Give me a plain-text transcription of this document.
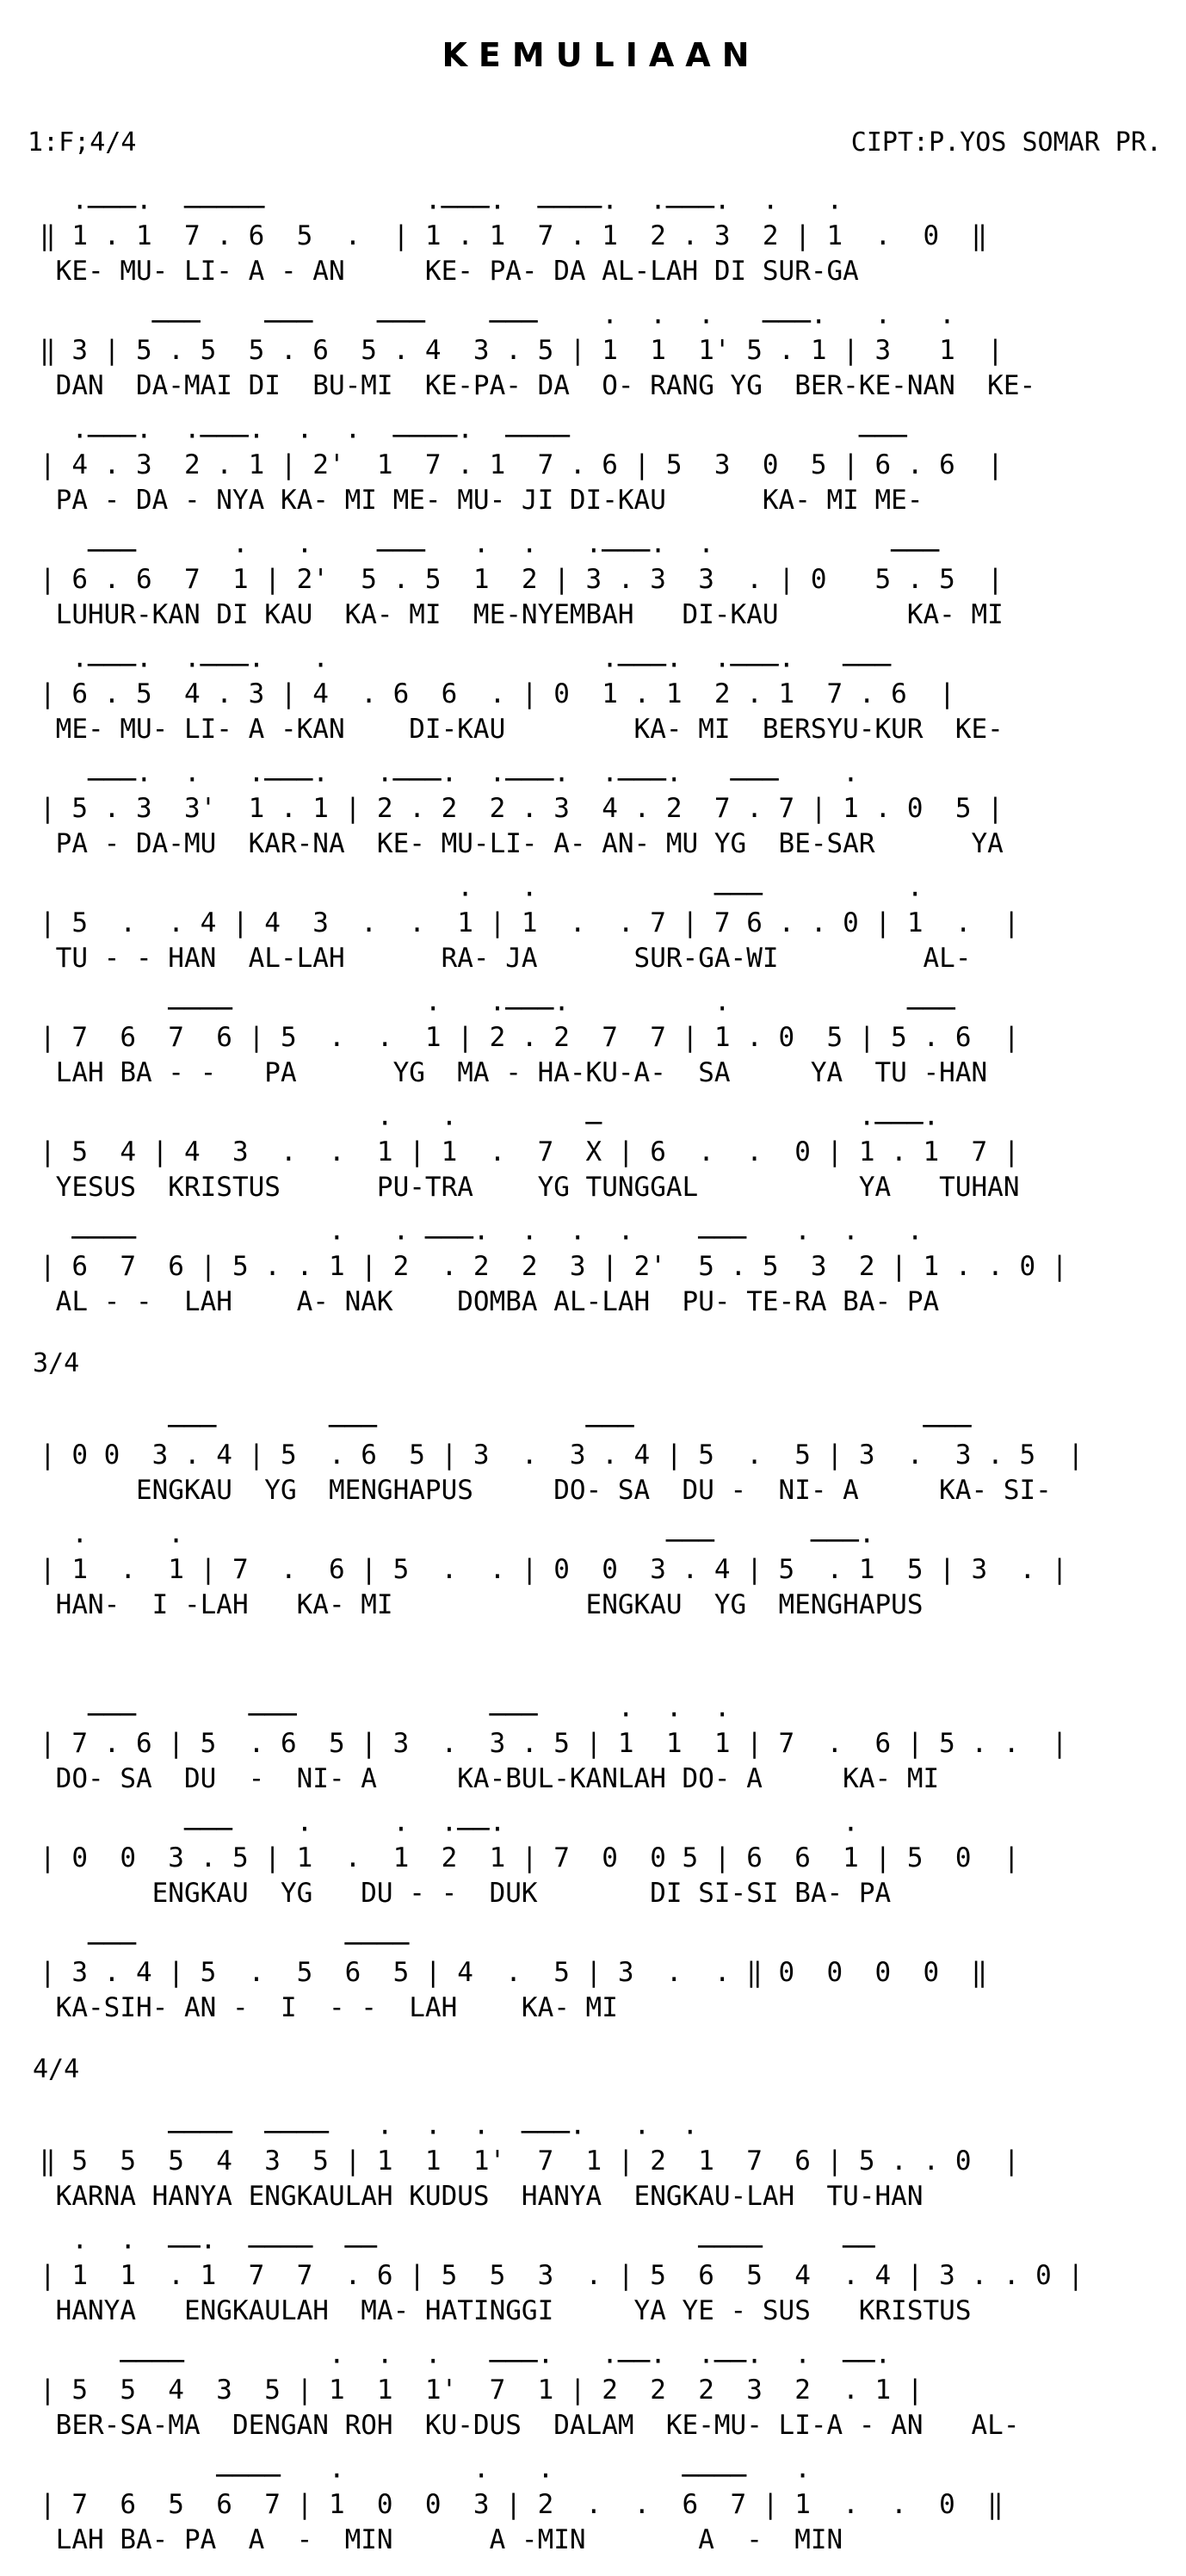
KEMULIAAN
1:F;4/4	CIPT:P.YOS SOMAR PR.
·───·  ─────          ·───·  ────·  ·───·  ·   ·
‖ 1 . 1  7 . 6  5  .  | 1 . 1  7 . 1  2 . 3  2 | 1  .  0  ‖
KE- MU- LI- A - AN     KE- PA- DA AL-LAH DI SUR-GA
───    ───    ───    ───    ·  ·  ·   ───·   ·   ·
‖ 3 | 5 . 5  5 . 6  5 . 4  3 . 5 | 1  1  1' 5 . 1 | 3   1  |
DAN  DA-MAI DI  BU-MI  KE-PA- DA  O- RANG YG  BER-KE-NAN  KE-
·───·  ·───·  ·  ·  ────·  ────                  ───
| 4 . 3  2 . 1 | 2'  1  7 . 1  7 . 6 | 5  3  0  5 | 6 . 6  |
PA - DA - NYA KA- MI ME- MU- JI DI-KAU      KA- MI ME-
───      ·   ·    ───   ·  ·   ·───·  ·           ───
| 6 . 6  7  1 | 2'  5 . 5  1  2 | 3 . 3  3  . | 0   5 . 5  |
LUHUR-KAN DI KAU  KA- MI  ME-NYEMBAH   DI-KAU        KA- MI
·───·  ·───·   ·                 ·───·  ·───·   ───
| 6 . 5  4 . 3 | 4  . 6  6  . | 0  1 . 1  2 . 1  7 . 6  |
ME- MU- LI- A -KAN    DI-KAU        KA- MI  BERSYU-KUR  KE-
───·  ·   ·───·   ·───·  ·───·  ·───·   ───    ·
| 5 . 3  3'  1 . 1 | 2 . 2  2 . 3  4 . 2  7 . 7 | 1 . 0  5 |
PA - DA-MU  KAR-NA  KE- MU-LI- A- AN- MU YG  BE-SAR      YA
·   ·           ───         ·
| 5  .  . 4 | 4  3  .  .  1 | 1  .  . 7 | 7 6 . . 0 | 1  .  |
TU - - HAN  AL-LAH      RA- JA      SUR-GA-WI         AL-
────            ·   ·───·         ·           ───
| 7  6  7  6 | 5  .  .  1 | 2 . 2  7  7 | 1 . 0  5 | 5 . 6  |
LAH BA - -   PA      YG  MA - HA-KU-A-  SA     YA  TU -HAN
·   ·        ─                ·───·
| 5  4 | 4  3  .  .  1 | 1  .  7  X | 6  .  .  0 | 1 . 1  7 |
YESUS  KRISTUS      PU-TRA    YG TUNGGAL          YA   TUHAN
────            ·   · ───·  ·  ·  ·    ───   ·  ·   ·
| 6  7  6 | 5 . . 1 | 2  . 2  2  3 | 2'  5 . 5  3  2 | 1 . . 0 |
AL - -  LAH    A- NAK    DOMBA AL-LAH  PU- TE-RA BA- PA
3/4
───       ───             ───                  ───
| 0 0  3 . 4 | 5  . 6  5 | 3  .  3 . 4 | 5  .  5 | 3  .  3 . 5  |
ENGKAU  YG  MENGHAPUS     DO- SA  DU -  NI- A     KA- SI-
·     ·                              ───      ───·
| 1  .  1 | 7  .  6 | 5  .  . | 0  0  3 . 4 | 5  . 1  5 | 3  . |
HAN-  I -LAH   KA- MI            ENGKAU  YG  MENGHAPUS
───       ───            ───     ·  ·  ·
| 7 . 6 | 5  . 6  5 | 3  .  3 . 5 | 1  1  1 | 7  .  6 | 5 . .  |
DO- SA  DU  -  NI- A     KA-BUL-KANLAH DO- A     KA- MI
───    ·     ·  ·──·                     ·
| 0  0  3 . 5 | 1  .  1  2  1 | 7  0  0 5 | 6  6  1 | 5  0  |
ENGKAU  YG   DU - -  DUK       DI SI-SI BA- PA
───             ────
| 3 . 4 | 5  .  5  6  5 | 4  .  5 | 3  .  . ‖ 0  0  0  0  ‖
KA-SIH- AN -  I  - -  LAH    KA- MI
4/4
────  ────   ·  ·  ·  ───·   ·  ·
‖ 5  5  5  4  3  5 | 1  1  1'  7  1 | 2  1  7  6 | 5 . . 0  |
KARNA HANYA ENGKAULAH KUDUS  HANYA  ENGKAU-LAH  TU-HAN
·  ·  ──·  ────  ──                    ────     ──
| 1  1  . 1  7  7  . 6 | 5  5  3  . | 5  6  5  4  . 4 | 3 . . 0 |
HANYA   ENGKAULAH  MA- HATINGGI     YA YE - SUS   KRISTUS
────         ·  ·  ·   ───·   ·──·  ·──·  ·  ──·
| 5  5  4  3  5 | 1  1  1'  7  1 | 2  2  2  3  2  . 1 |
BER-SA-MA  DENGAN ROH  KU-DUS  DALAM  KE-MU- LI-A - AN   AL-
────   ·        ·   ·        ────   ·
| 7  6  5  6  7 | 1  0  0  3 | 2  .  .  6  7 | 1  .  .  0  ‖
LAH BA- PA  A  -  MIN      A -MIN       A  -  MIN
